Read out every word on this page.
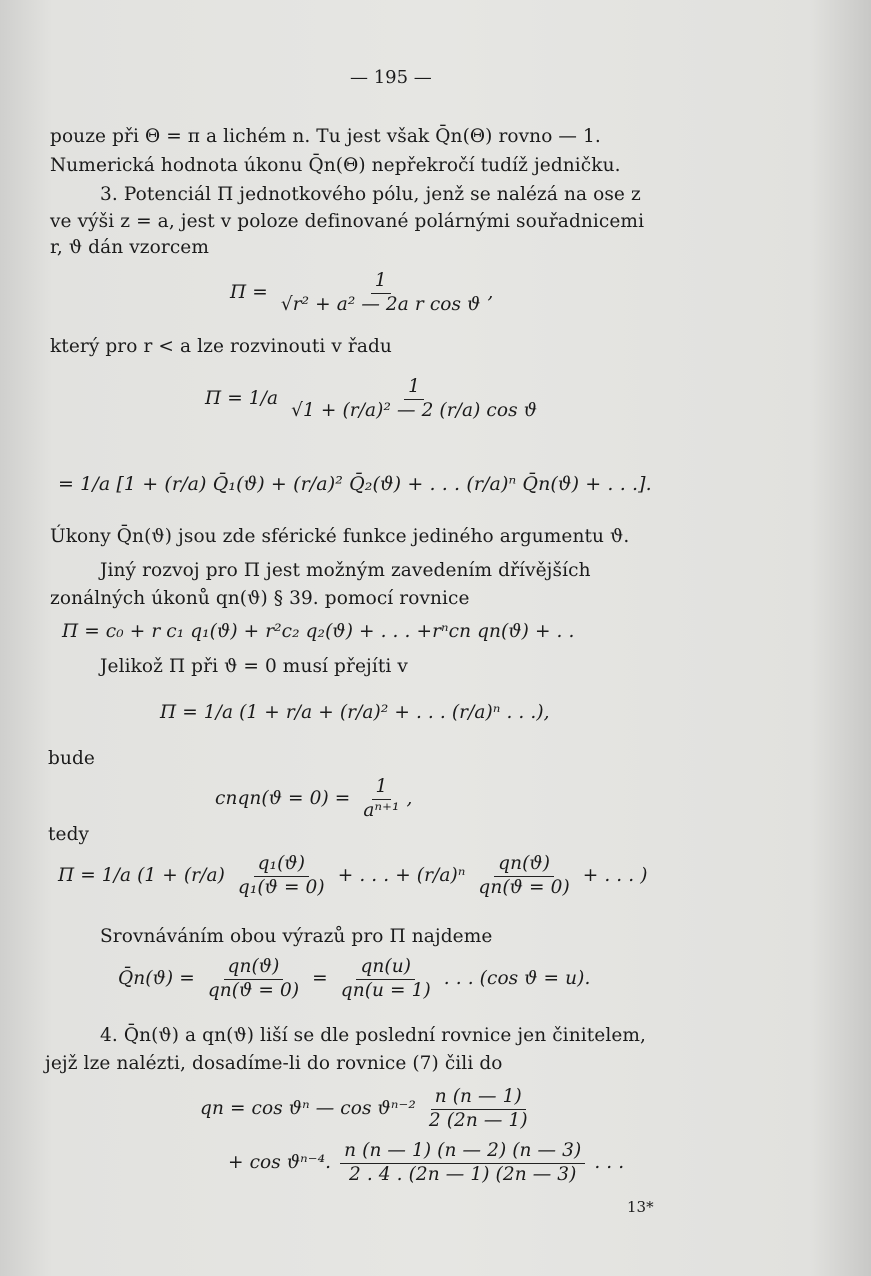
— 195 —
pouze při Θ = π a lichém n. Tu jest však Q̄n(Θ) rovno — 1.
Numerická hodnota úkonu Q̄n(Θ) nepřekročí tudíž jedničku.
3. Potenciál Π jednotkového pólu, jenž se nalézá na ose z
ve výši z = a, jest v poloze definované polárnými souřadnicemi
r, ϑ dán vzorcem
$\Pi = \frac{1}{\text{√r² + a² — 2a r cos ϑ}}$ ,
který pro r < a lze rozvinouti v řadu
$\Pi = 1/a \frac{1}{\text{√1 + (r/a)² — 2 (r/a) cos ϑ}}$
= 1/a [1 + (r/a) Q̄₁(ϑ) + (r/a)² Q̄₂(ϑ) + . . . (r/a)ⁿ Q̄n(ϑ) + . . .].
Úkony Q̄n(ϑ) jsou zde sférické funkce jediného argumentu ϑ.
Jiný rozvoj pro Π jest možným zavedením dřívějších
zonálných úkonů qn(ϑ) § 39. pomocí rovnice
Π = c₀ + r c₁ q₁(ϑ) + r²c₂ q₂(ϑ) + . . . +rⁿcn qn(ϑ) + . .
Jelikož Π při ϑ = 0 musí přejíti v
Π = 1/a (1 + r/a + (r/a)² + . . . (r/a)ⁿ . . .),
bude
cnqn(ϑ = $0) = \frac{1}{\text{aⁿ⁺¹}}$ ,
tedy
Π = 1/a ($1 + (r/a) \frac{\text{q₁(ϑ)}}{\text{q₁(ϑ = 0)}}$ + . . . + $(r/a)^n \frac{qn(ϑ)}{qn(ϑ = 0)}$ + . . . )
Srovnáváním obou výrazů pro Π najdeme
Q̄n(ϑ) = $\frac{qn(ϑ)}{qn(ϑ = 0)} = \frac{qn(u)}{qn(u = 1)}$ . . . (cos ϑ = u).
4. Q̄n(ϑ) a qn(ϑ) liší se dle poslední rovnice jen činitelem,
jejž lze nalézti, dosadíme-li do rovnice (7) čili do
qn = cos ϑⁿ — $\cos ϑ^{n-2} \frac{n (n — 1)}{2 (2n — 1)}$
+ cos ϑⁿ⁻⁴. $\frac{n (n — 1) (n — 2) (n — 3)}{2 . 4 . (2n — 1) (2n — 3)}$ . . .
13*
